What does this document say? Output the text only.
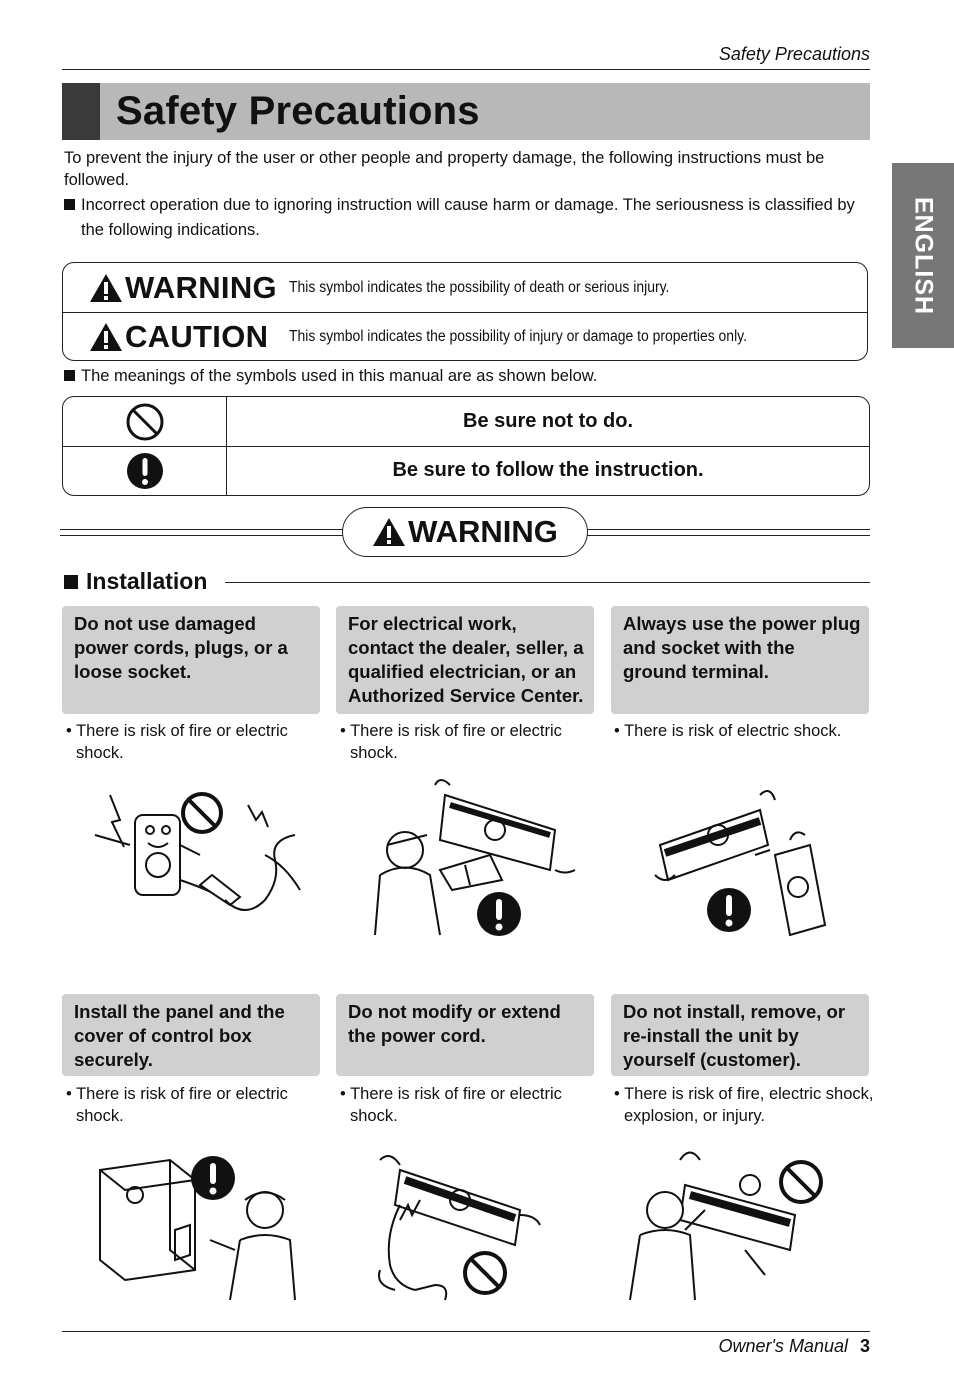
Safety Precautions
Safety Precautions
ENGLISH

To prevent the injury of the user or other people and property damage, the following instructions must be followed.

Incorrect operation due to ignoring instruction will cause harm or damage. The seriousness is classified by the following indications.

WARNING This symbol indicates the possibility of death or serious injury.
CAUTION This symbol indicates the possibility of injury or damage to properties only.
The meanings of the symbols used in this manual are as shown below.
Be sure not to do.
Be sure to follow the instruction.
WARNING
Installation
Do not use damaged power cords, plugs, or a loose socket.
For electrical work, contact the dealer, seller, a qualified electrician, or an Authorized Service Center.
Always use the power plug and socket with the ground terminal.
• There is risk of fire or electric shock.
• There is risk of fire or electric shock.
• There is risk of electric shock.
Install the panel and the cover of control box securely.
Do not modify or extend the power cord.
Do not install, remove, or re-install the unit by yourself (customer).
• There is risk of fire or electric shock.
• There is risk of fire or electric shock.
• There is risk of fire, electric shock, explosion, or injury.
Owner's Manual 3
